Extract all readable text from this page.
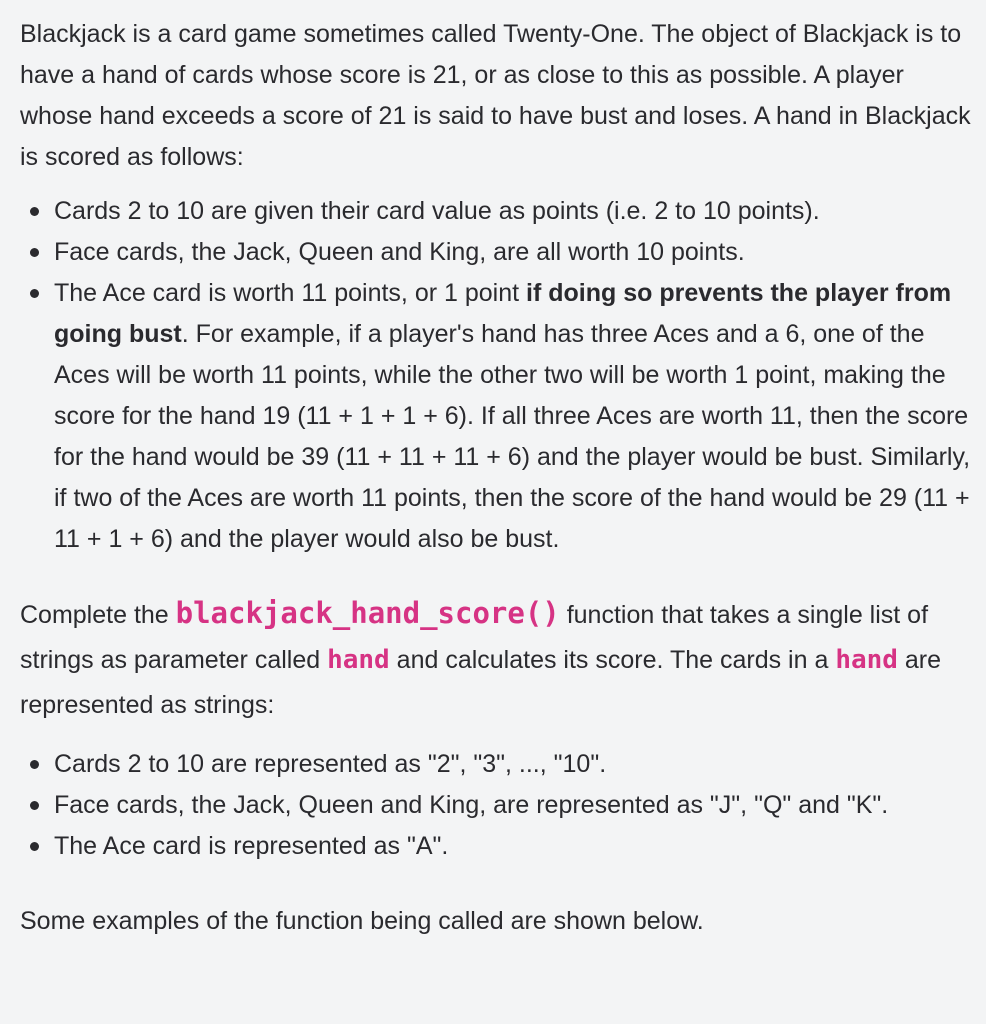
Blackjack is a card game sometimes called Twenty-One. The object of Blackjack is to have a hand of cards whose score is 21, or as close to this as possible. A player whose hand exceeds a score of 21 is said to have bust and loses. A hand in Blackjack is scored as follows:

Cards 2 to 10 are given their card value as points (i.e. 2 to 10 points).
Face cards, the Jack, Queen and King, are all worth 10 points.
The Ace card is worth 11 points, or 1 point if doing so prevents the player from going bust. For example, if a player's hand has three Aces and a 6, one of the Aces will be worth 11 points, while the other two will be worth 1 point, making the score for the hand 19 (11 + 1 + 1 + 6). If all three Aces are worth 11, then the score for the hand would be 39 (11 + 11 + 11 + 6) and the player would be bust. Similarly, if two of the Aces are worth 11 points, then the score of the hand would be 29 (11 + 11 + 1 + 6) and the player would also be bust.

Complete the blackjack_hand_score() function that takes a single list of strings as parameter called hand and calculates its score. The cards in a hand are represented as strings:

Cards 2 to 10 are represented as "2", "3", ..., "10".
Face cards, the Jack, Queen and King, are represented as "J", "Q" and "K".
The Ace card is represented as "A".

Some examples of the function being called are shown below.
